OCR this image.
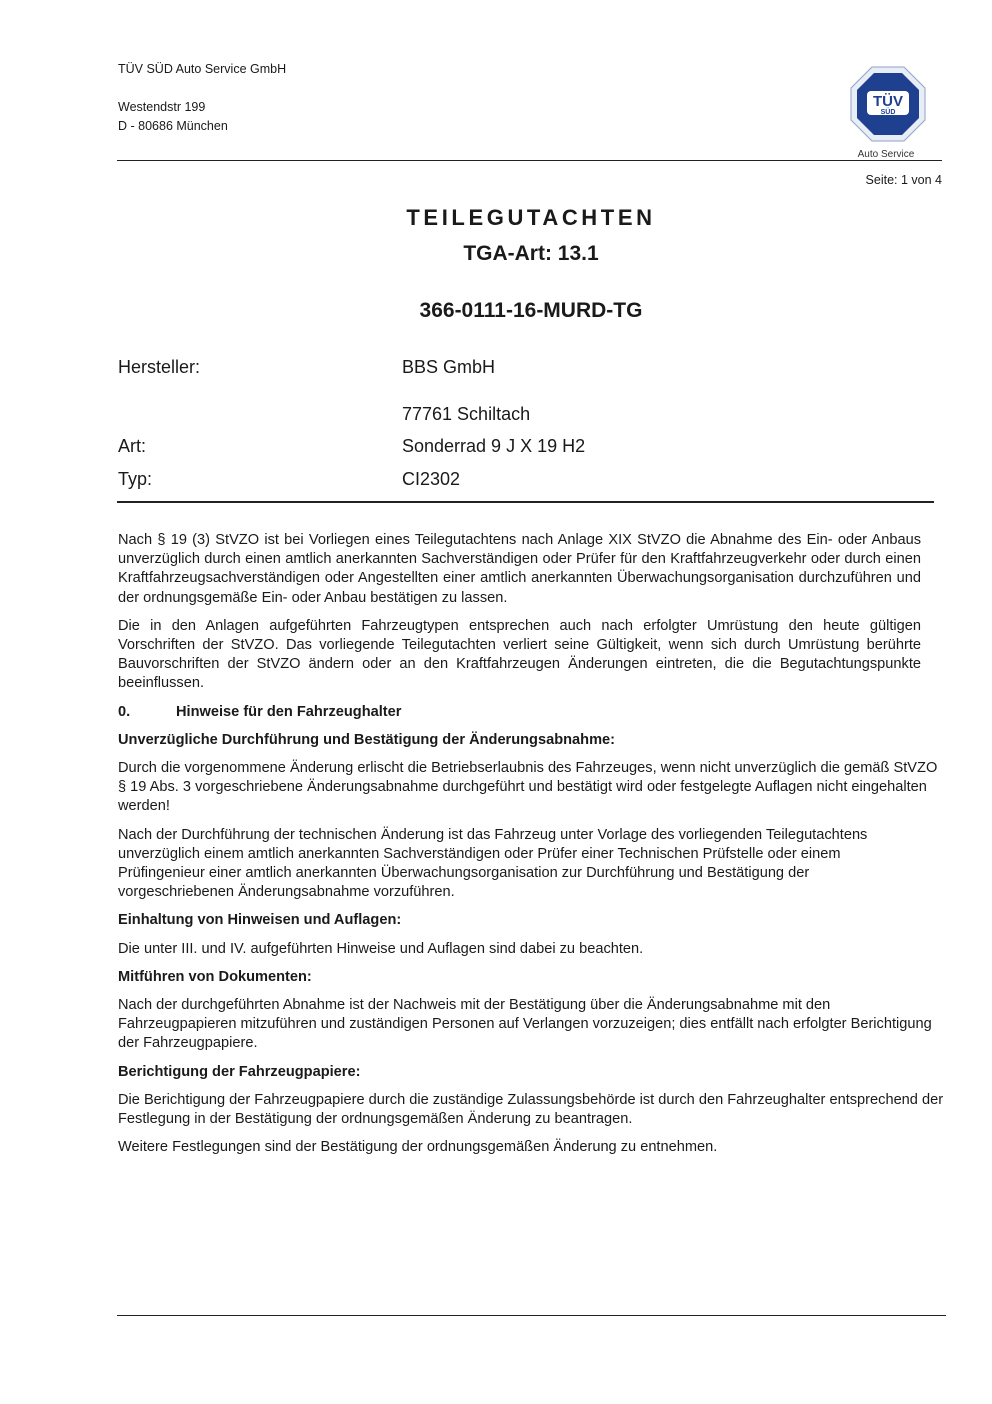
TÜV SÜD Auto Service GmbH
Westendstr 199
D - 80686 München
TÜV
SÜD
Auto Service
Seite: 1 von 4
TEILEGUTACHTEN
TGA-Art: 13.1
366-0111-16-MURD-TG
Hersteller:	BBS GmbH
77761 Schiltach
Art:	Sonderrad 9 J X 19 H2
Typ:	CI2302

Nach § 19 (3) StVZO ist bei Vorliegen eines Teilegutachtens nach Anlage XIX StVZO die Abnahme des Ein- oder Anbaus unverzüglich durch einen amtlich anerkannten Sachverständigen oder Prüfer für den Kraftfahrzeugverkehr oder durch einen Kraftfahrzeugsachverständigen oder Angestellten einer amtlich anerkannten Überwachungsorganisation durchzuführen und der ordnungsgemäße Ein- oder Anbau bestätigen zu lassen.

Die in den Anlagen aufgeführten Fahrzeugtypen entsprechen auch nach erfolgter Umrüstung den heute gültigen Vorschriften der StVZO. Das vorliegende Teilegutachten verliert seine Gültigkeit, wenn sich durch Umrüstung berührte Bauvorschriften der StVZO ändern oder an den Kraftfahrzeugen Änderungen eintreten, die die Begutachtungspunkte beeinflussen.

0.	Hinweise für den Fahrzeughalter
Unverzügliche Durchführung und Bestätigung der Änderungsabnahme:

Durch die vorgenommene Änderung erlischt die Betriebserlaubnis des Fahrzeuges, wenn nicht unverzüglich die gemäß StVZO § 19 Abs. 3 vorgeschriebene Änderungsabnahme durchgeführt und bestätigt wird oder festgelegte Auflagen nicht eingehalten werden!

Nach der Durchführung der technischen Änderung ist das Fahrzeug unter Vorlage des vorliegenden Teilegutachtens unverzüglich einem amtlich anerkannten Sachverständigen oder Prüfer einer Technischen Prüfstelle oder einem Prüfingenieur einer amtlich anerkannten Überwachungsorganisation zur Durchführung und Bestätigung der vorgeschriebenen Änderungsabnahme vorzuführen.

Einhaltung von Hinweisen und Auflagen:

Die unter III. und IV. aufgeführten Hinweise und Auflagen sind dabei zu beachten.

Mitführen von Dokumenten:

Nach der durchgeführten Abnahme ist der Nachweis mit der Bestätigung über die Änderungsabnahme mit den Fahrzeugpapieren mitzuführen und zuständigen Personen auf Verlangen vorzuzeigen; dies entfällt nach erfolgter Berichtigung der Fahrzeugpapiere.

Berichtigung der Fahrzeugpapiere:

Die Berichtigung der Fahrzeugpapiere durch die zuständige Zulassungsbehörde ist durch den Fahrzeughalter entsprechend der Festlegung in der Bestätigung der ordnungsgemäßen Änderung zu beantragen.

Weitere Festlegungen sind der Bestätigung der ordnungsgemäßen Änderung zu entnehmen.
